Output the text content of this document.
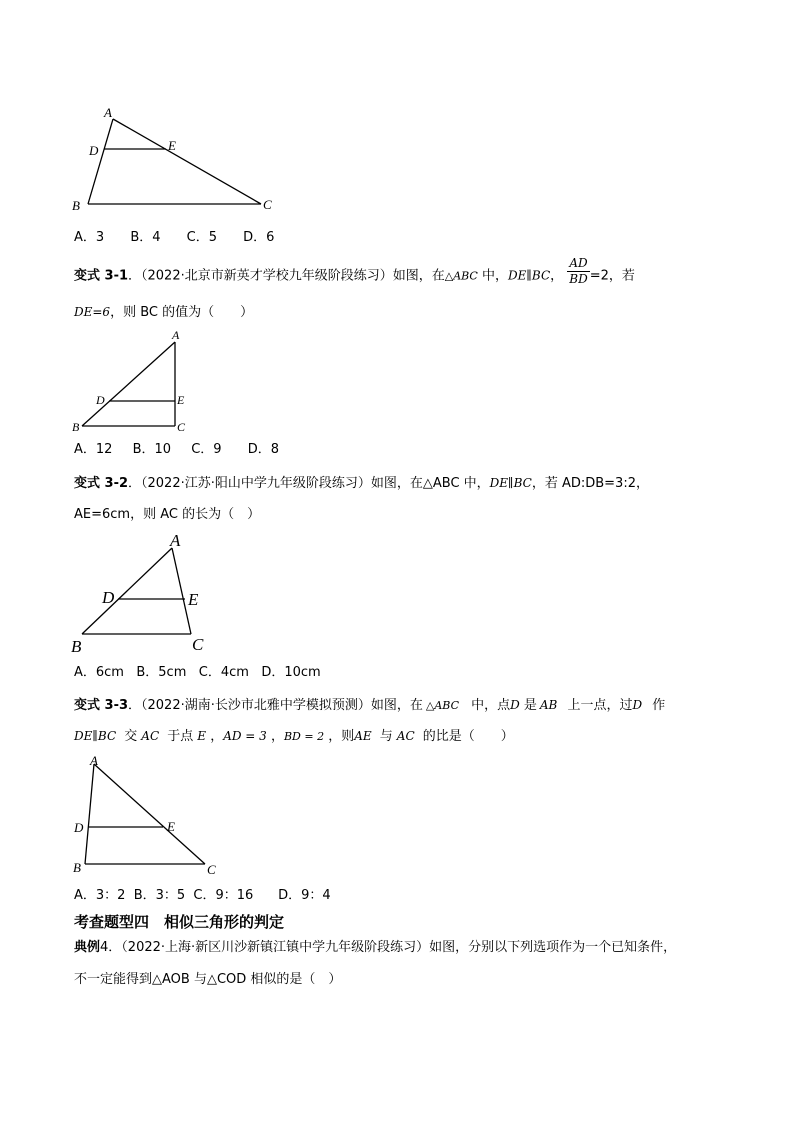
A
D	E
B	C
A．3 B．4 C．5 D．6
变式 3-1．（2022·北京市新英才学校九年级阶段练习）如图，在△ABC 中，DE∥BC， $\frac{AD}{BD} =2$，若
DE=6，则 BC 的值为（　　）
A
D	E
B	C
A．12 B．10 C．9 D．8
变式 3-2．（2022·江苏·阳山中学九年级阶段练习）如图，在△ABC 中，DE∥BC，若 AD:DB=3:2，
AE=6cm，则 AC 的长为（　）
A
D	E
B	C
A．6cm   B．5cm   C．4cm   D．10cm
变式 3-3．（2022·湖南·长沙市北雅中学模拟预测）如图，在 △ABC 中，点D 是 AB 上一点，过D 作
DE∥BC 交 AC 于点 E ，AD = 3 ，BD = 2 ，则AE 与 AC 的比是（　　）
A
D	E
B	C
A．3：2  B．3：5  C．9：16      D．9：4
考查题型四　相似三角形的判定
典例4．（2022·上海·新区川沙新镇江镇中学九年级阶段练习）如图，分别以下列选项作为一个已知条件，
不一定能得到△AOB 与△COD 相似的是（　）
